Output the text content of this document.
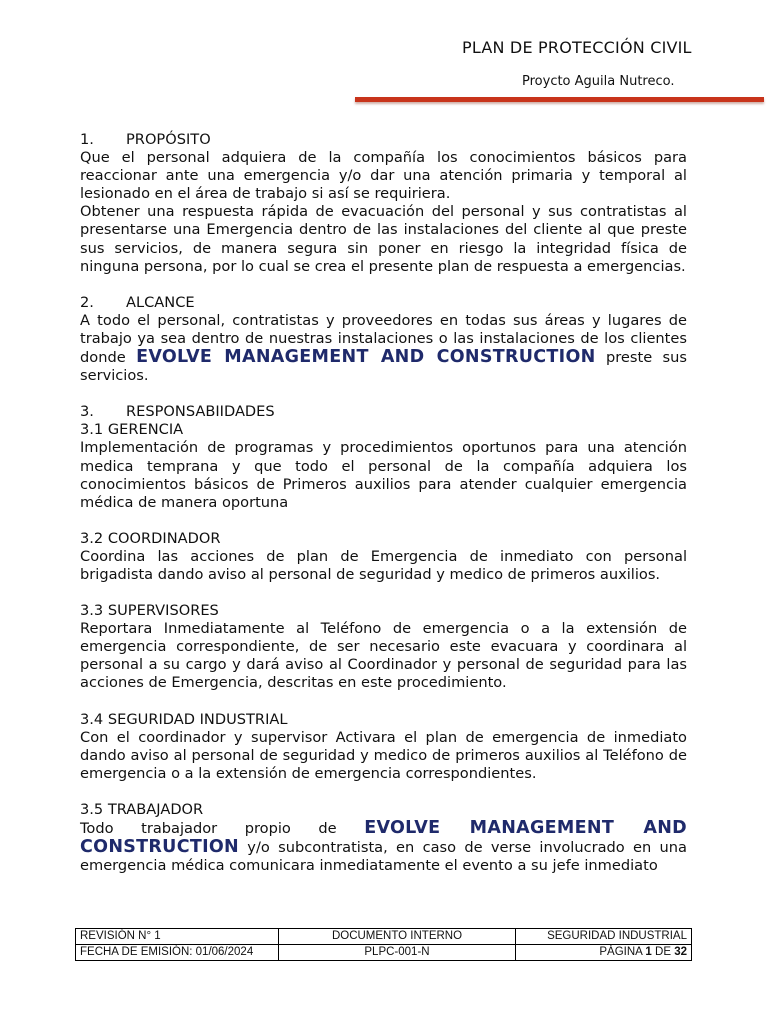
PLAN DE PROTECCIÓN CIVIL
Proycto Aguila Nutreco.

1. PROPÓSITO

Que el personal adquiera de la compañía los conocimientos básicos para reaccionar ante una emergencia y/o dar una atención primaria y temporal al lesionado en el área de trabajo si así se requiriera.

Obtener una respuesta rápida de evacuación del personal y sus contratistas al presentarse una Emergencia dentro de las instalaciones del cliente al que preste sus servicios, de manera segura sin poner en riesgo la integridad física de ninguna persona, por lo cual se crea el presente plan de respuesta a emergencias.

2. ALCANCE

A todo el personal, contratistas y proveedores en todas sus áreas y lugares de trabajo ya sea dentro de nuestras instalaciones o las instalaciones de los clientes donde EVOLVE MANAGEMENT AND CONSTRUCTION preste sus servicios.

3. RESPONSABIIDADES

3.1 GERENCIA

Implementación de programas y procedimientos oportunos para una atención medica temprana y que todo el personal de la compañía adquiera los conocimientos básicos de Primeros auxilios para atender cualquier emergencia médica de manera oportuna

3.2 COORDINADOR

Coordina las acciones de plan de Emergencia de inmediato con personal brigadista dando aviso al personal de seguridad y medico de primeros auxilios.

3.3 SUPERVISORES

Reportara Inmediatamente al Teléfono de emergencia o a la extensión de emergencia correspondiente, de ser necesario este evacuara y coordinara al personal a su cargo y dará aviso al Coordinador y personal de seguridad para las acciones de Emergencia, descritas en este procedimiento.

3.4 SEGURIDAD INDUSTRIAL

Con el coordinador y supervisor Activara el plan de emergencia de inmediato dando aviso al personal de seguridad y medico de primeros auxilios al Teléfono de emergencia o a la extensión de emergencia correspondientes.

3.5 TRABAJADOR

Todo trabajador propio de EVOLVE MANAGEMENT AND

CONSTRUCTION y/o subcontratista, en caso de verse involucrado en una emergencia médica comunicara inmediatamente el evento a su jefe inmediato

REVISIÓN N° 1	DOCUMENTO INTERNO	SEGURIDAD INDUSTRIAL
FECHA DE EMISIÓN: 01/06/2024	PLPC-001-N	PÁGINA 1 DE 32
